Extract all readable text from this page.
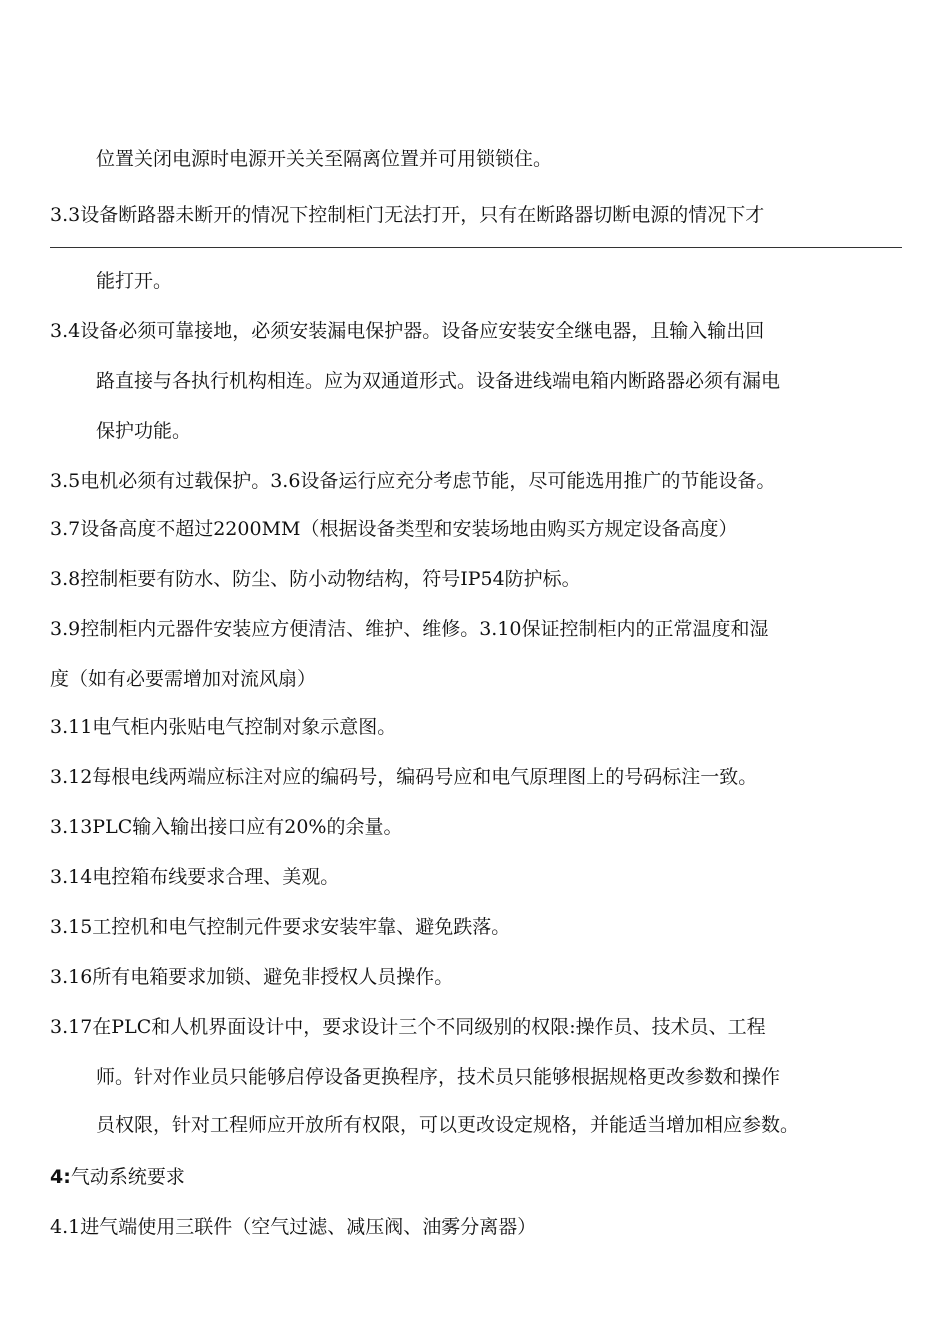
位置关闭电源时电源开关关至隔离位置并可用锁锁住。
3.3设备断路器未断开的情况下控制柜门无法打开，只有在断路器切断电源的情况下才
能打开。
3.4设备必须可靠接地，必须安装漏电保护器。设备应安装安全继电器，且输入输出回
路直接与各执行机构相连。应为双通道形式。设备进线端电箱内断路器必须有漏电
保护功能。
3.5电机必须有过载保护。3.6设备运行应充分考虑节能，尽可能选用推广的节能设备。
3.7设备高度不超过2200MM（根据设备类型和安装场地由购买方规定设备高度）
3.8控制柜要有防水、防尘、防小动物结构，符号IP54防护标。
3.9控制柜内元器件安装应方便清洁、维护、维修。3.10保证控制柜内的正常温度和湿
度（如有必要需增加对流风扇）
3.11电气柜内张贴电气控制对象示意图。
3.12每根电线两端应标注对应的编码号，编码号应和电气原理图上的号码标注一致。
3.13PLC输入输出接口应有20%的余量。
3.14电控箱布线要求合理、美观。
3.15工控机和电气控制元件要求安装牢靠、避免跌落。
3.16所有电箱要求加锁、避免非授权人员操作。
3.17在PLC和人机界面设计中，要求设计三个不同级别的权限:操作员、技术员、工程
师。针对作业员只能够启停设备更换程序，技术员只能够根据规格更改参数和操作
员权限，针对工程师应开放所有权限，可以更改设定规格，并能适当增加相应参数。
4:气动系统要求
4.1进气端使用三联件（空气过滤、减压阀、油雾分离器）
